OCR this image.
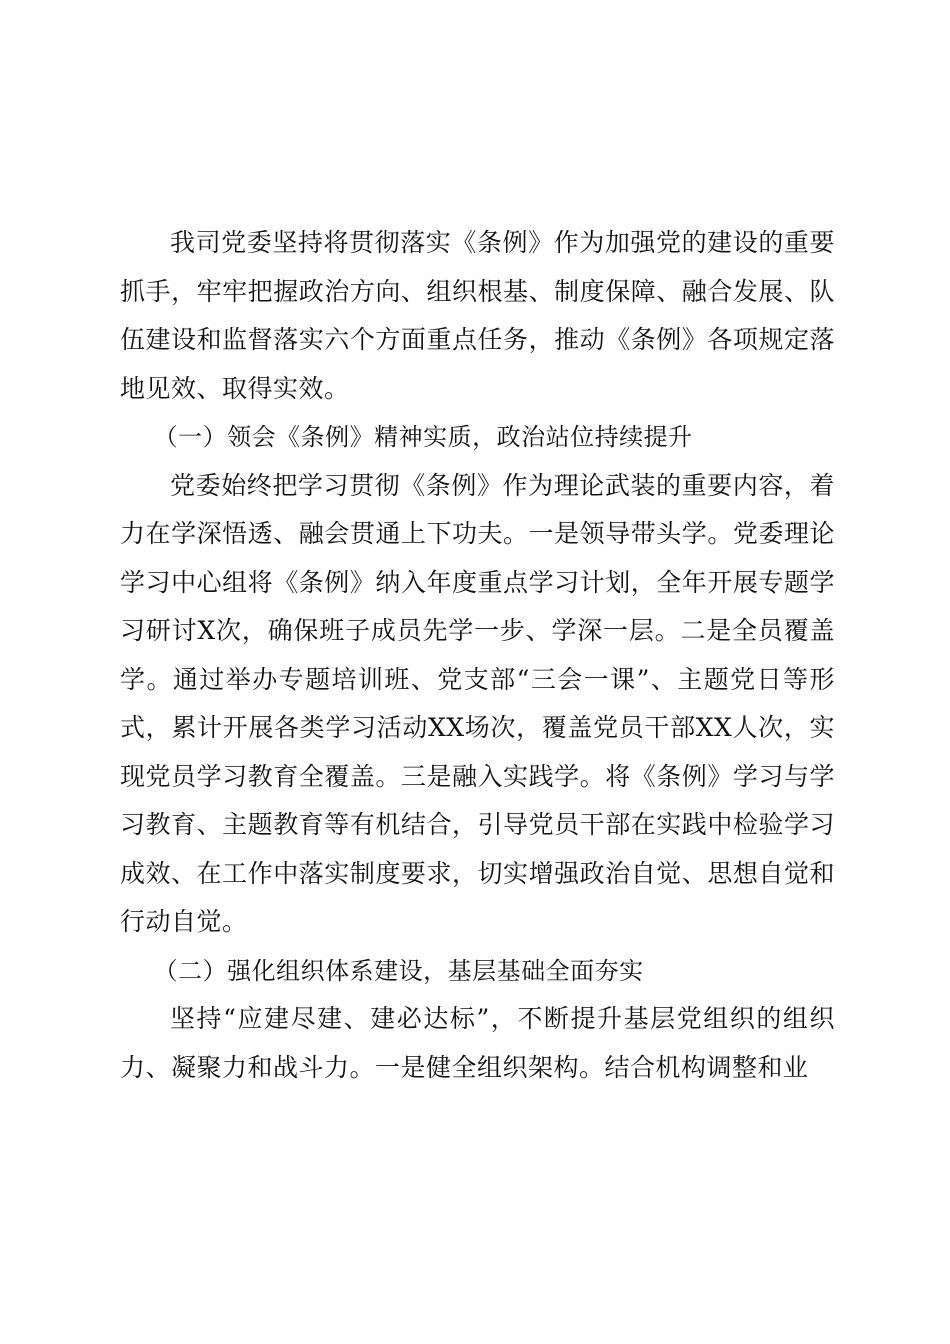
我司党委坚持将贯彻落实《条例》作为加强党的建设的重要抓手，牢牢把握政治方向、组织根基、制度保障、融合发展、队伍建设和监督落实六个方面重点任务，推动《条例》各项规定落地见效、取得实效。

（一）领会《条例》精神实质，政治站位持续提升

党委始终把学习贯彻《条例》作为理论武装的重要内容，着力在学深悟透、融会贯通上下功夫。一是领导带头学。党委理论学习中心组将《条例》纳入年度重点学习计划，全年开展专题学习研讨X次，确保班子成员先学一步、学深一层。二是全员覆盖学。通过举办专题培训班、党支部“三会一课”、主题党日等形式，累计开展各类学习活动XX场次，覆盖党员干部XX人次，实现党员学习教育全覆盖。三是融入实践学。将《条例》学习与学习教育、主题教育等有机结合，引导党员干部在实践中检验学习成效、在工作中落实制度要求，切实增强政治自觉、思想自觉和行动自觉。

（二）强化组织体系建设，基层基础全面夯实

坚持“应建尽建、建必达标”，不断提升基层党组织的组织力、凝聚力和战斗力。一是健全组织架构。结合机构调整和业
